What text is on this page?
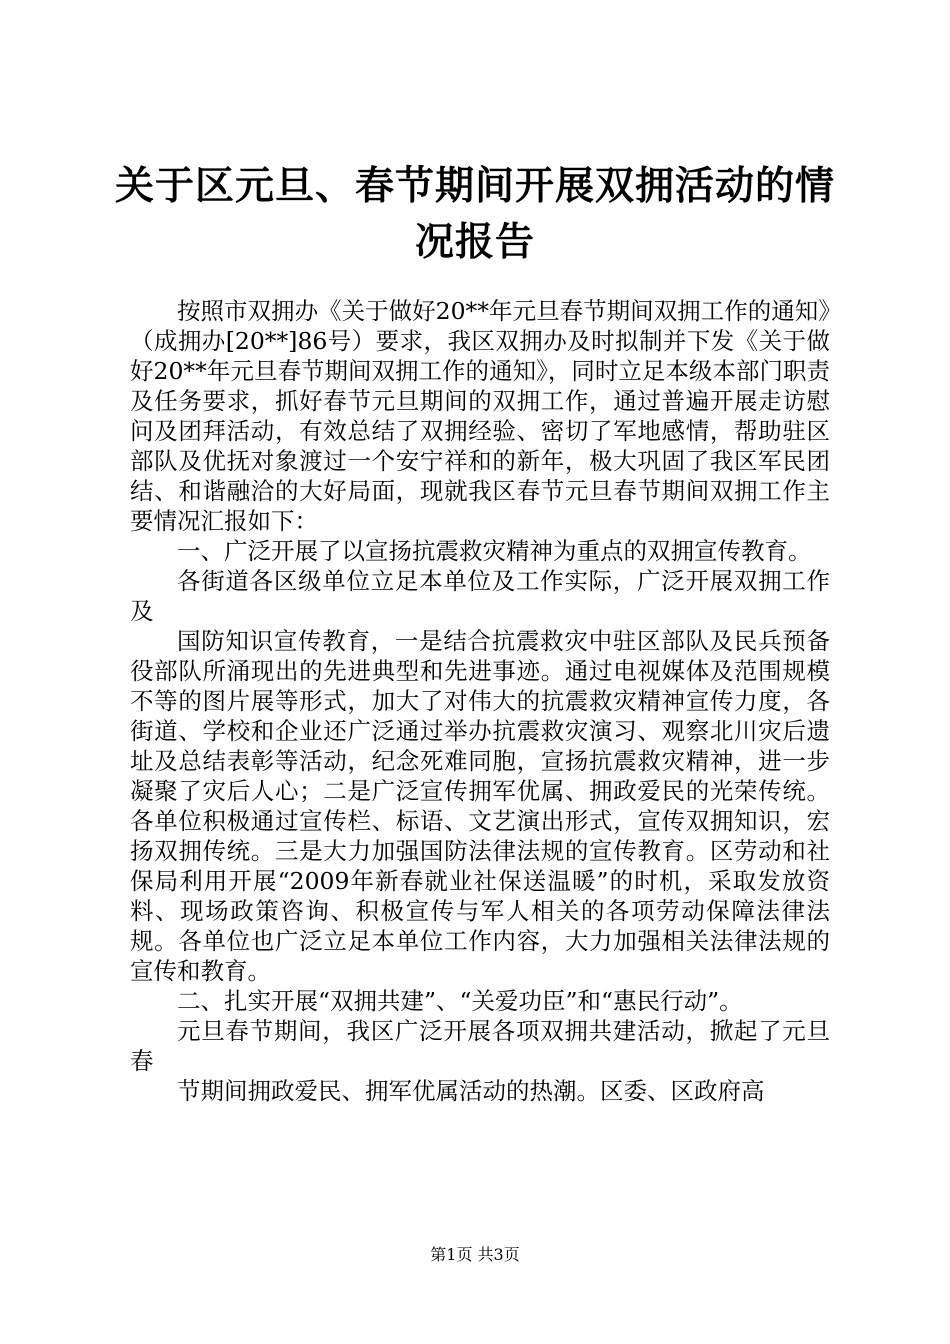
关于区元旦、春节期间开展双拥活动的情况报告

按照市双拥办《关于做好20**年元旦春节期间双拥工作的通知》（成拥办[20**]86号）要求，我区双拥办及时拟制并下发《关于做好20**年元旦春节期间双拥工作的通知》，同时立足本级本部门职责及任务要求，抓好春节元旦期间的双拥工作，通过普遍开展走访慰问及团拜活动，有效总结了双拥经验、密切了军地感情，帮助驻区部队及优抚对象渡过一个安宁祥和的新年，极大巩固了我区军民团结、和谐融洽的大好局面，现就我区春节元旦春节期间双拥工作主要情况汇报如下：

一、广泛开展了以宣扬抗震救灾精神为重点的双拥宣传教育。

各街道各区级单位立足本单位及工作实际，广泛开展双拥工作及

国防知识宣传教育，一是结合抗震救灾中驻区部队及民兵预备役部队所涌现出的先进典型和先进事迹。通过电视媒体及范围规模不等的图片展等形式，加大了对伟大的抗震救灾精神宣传力度，各街道、学校和企业还广泛通过举办抗震救灾演习、观察北川灾后遗址及总结表彰等活动，纪念死难同胞，宣扬抗震救灾精神，进一步凝聚了灾后人心；二是广泛宣传拥军优属、拥政爱民的光荣传统。各单位积极通过宣传栏、标语、文艺演出形式，宣传双拥知识，宏扬双拥传统。三是大力加强国防法律法规的宣传教育。区劳动和社保局利用开展“2009年新春就业社保送温暖”的时机，采取发放资料、现场政策咨询、积极宣传与军人相关的各项劳动保障法律法规。各单位也广泛立足本单位工作内容，大力加强相关法律法规的宣传和教育。

二、扎实开展“双拥共建”、“关爱功臣”和“惠民行动”。

元旦春节期间，我区广泛开展各项双拥共建活动，掀起了元旦春

节期间拥政爱民、拥军优属活动的热潮。区委、区政府高

第1页 共3页
